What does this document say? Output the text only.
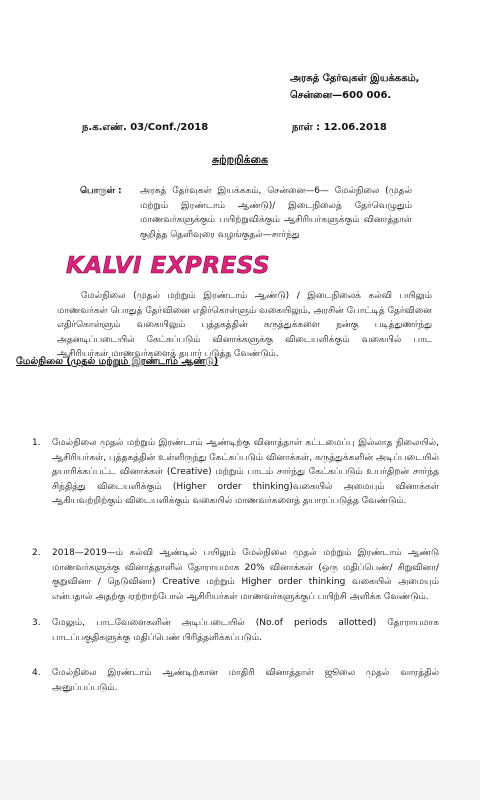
அரசுத் தேர்வுகள் இயக்ககம்,
சென்னை—600 006.
ந.க.எண். 03/Conf./2018	நாள் : 12.06.2018
சுற்றறிக்கை
பொருள் :	அரசுத் தேர்வுகள் இயக்ககம், சென்னை—6— மேல்நிலை (முதல் மற்றும் இரண்டாம் ஆண்டு)/ இடைநிலைத் தேர்வெழுதும் மாணவர்களுக்கும் பயிற்றுவிக்கும் ஆசிரியர்களுக்கும் வினாத்தாள் குறித்த தெளிவுரை வழங்குதல்—சார்ந்து
KALVI EXPRESS
மேல்நிலை (முதல் மற்றும் இரண்டாம் ஆண்டு) / இடைநிலைக் கல்வி பயிலும் மாணவர்கள் பொதுத் தேர்வினை எதிர்கொள்ளும் வகையிலும், அரசின் போட்டித் தேர்வினை எதிர்கொள்ளும் வகையிலும் புத்தகத்தின் கருத்துக்களை நன்கு படித்துணர்ந்து அதனடிப்படையில் கேட்கப்படும் வினாக்களுக்கு விடையளிக்கும் வகையில் பாட ஆசிரியர்கள் மாணவர்களைத் தயார் படுத்த வேண்டும்.
மேல்நிலை (முதல் மற்றும் இரண்டாம் ஆண்டு)
1. மேல்நிலை முதல் மற்றும் இரண்டாம் ஆண்டிற்கு வினாத்தாள் கட்டமைப்பு இல்லாத நிலையில், ஆசிரியர்கள், புத்தகத்தின் உள்ளிருந்து கேட்கப்படும் வினாக்கள், கருத்துக்களின் அடிப்படையில் தயாரிக்கப்பட்ட வினாக்கள் (Creative) மற்றும் பாடம் சார்ந்து கேட்கப்படும் உயர்திறன் சார்ந்த சிந்தித்து விடையளிக்கும் (Higher order thinking)வகையில் அமையும் வினாக்கள் ஆகியவற்றிற்கும் விடையளிக்கும் வகையில் மாணவர்களைத் தயாரப்படுத்த வேண்டும்.
2. 2018—2019—ம் கல்வி ஆண்டில் பயிலும் மேல்நிலை முதல் மற்றும் இரண்டாம் ஆண்டு மாணவர்களுக்கு வினாத்தாளில் தோராயமாக 20% வினாக்கள் (ஒரு மதிப்பெண்/ சிறுவினா/குறுவினா / நெடுவினா) Creative மற்றும் Higher order thinking வகையில் அமையும் என்பதால் அதற்கு ஏற்றாற்போல் ஆசிரியர்கள் மாணவர்களுக்குப் பயிற்சி அளிக்க வேண்டும்.
3. மேலும், பாடவேளைகளின் அடிப்படையில் (No.of periods allotted) தோராயமாக பாடப்பகுதிகளுக்கு மதிப்பெண் பிரித்தளிக்கப்படும்.
4. மேல்நிலை இரண்டாம் ஆண்டிற்கான மாதிரி வினாத்தாள் ஜூலை முதல் வாரத்தில் அனுப்பப்படும்.
